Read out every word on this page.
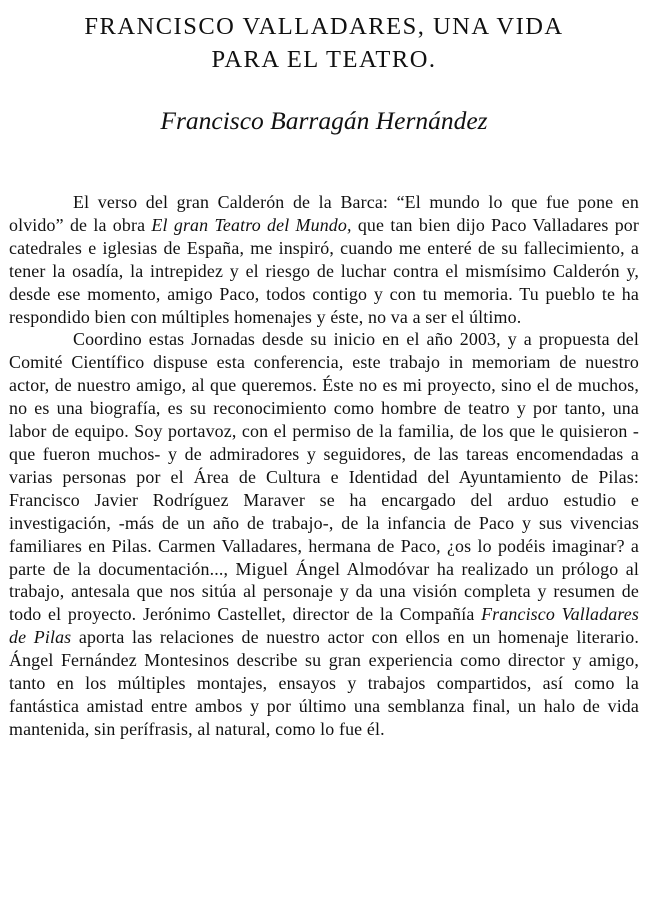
FRANCISCO VALLADARES, UNA VIDA
PARA EL TEATRO.
Francisco Barragán Hernández

El verso del gran Calderón de la Barca: “El mundo lo que fue pone en olvido” de la obra El gran Teatro del Mundo, que tan bien dijo Paco Valladares por catedrales e iglesias de España, me inspiró, cuando me enteré de su fallecimiento, a tener la osadía, la intrepidez y el riesgo de luchar contra el mismísimo Calderón y, desde ese momento, amigo Paco, todos contigo y con tu memoria. Tu pueblo te ha respondido bien con múltiples homenajes y éste, no va a ser el último.

Coordino estas Jornadas desde su inicio en el año 2003, y a propuesta del Comité Científico dispuse esta conferencia, este trabajo in memoriam de nuestro actor, de nuestro amigo, al que queremos. Éste no es mi proyecto, sino el de muchos, no es una biografía, es su reconocimiento como hombre de teatro y por tanto, una labor de equipo. Soy portavoz, con el permiso de la familia, de los que le quisieron -que fueron muchos- y de admiradores y seguidores, de las tareas encomendadas a varias personas por el Área de Cultura e Identidad del Ayuntamiento de Pilas: Francisco Javier Rodríguez Maraver se ha encargado del arduo estudio e investigación, -más de un año de trabajo-, de la infancia de Paco y sus vivencias familiares en Pilas. Carmen Valladares, hermana de Paco, ¿os lo podéis imaginar? a parte de la documentación..., Miguel Ángel Almodóvar ha realizado un prólogo al trabajo, antesala que nos sitúa al personaje y da una visión completa y resumen de todo el proyecto. Jerónimo Castellet, director de la Compañía Francisco Valladares de Pilas aporta las relaciones de nuestro actor con ellos en un homenaje literario. Ángel Fernández Montesinos describe su gran experiencia como director y amigo, tanto en los múltiples montajes, ensayos y trabajos compartidos, así como la fantástica amistad entre ambos y por último una semblanza final, un halo de vida mantenida, sin perífrasis, al natural, como lo fue él.
